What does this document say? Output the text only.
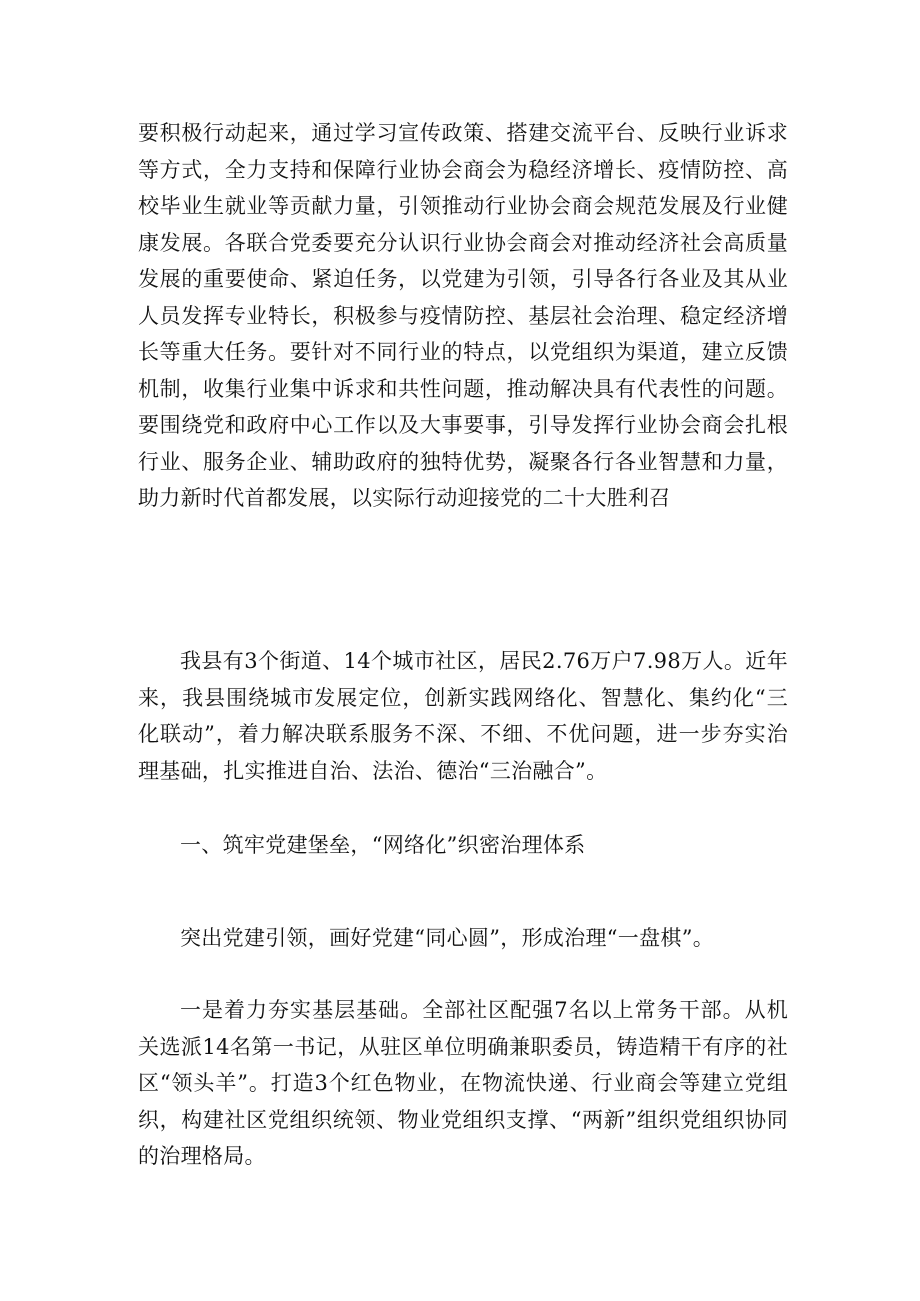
要积极行动起来，通过学习宣传政策、搭建交流平台、反映行业诉求等方式，全力支持和保障行业协会商会为稳经济增长、疫情防控、高校毕业生就业等贡献力量，引领推动行业协会商会规范发展及行业健康发展。各联合党委要充分认识行业协会商会对推动经济社会高质量发展的重要使命、紧迫任务，以党建为引领，引导各行各业及其从业人员发挥专业特长，积极参与疫情防控、基层社会治理、稳定经济增长等重大任务。要针对不同行业的特点，以党组织为渠道，建立反馈机制，收集行业集中诉求和共性问题，推动解决具有代表性的问题。要围绕党和政府中心工作以及大事要事，引导发挥行业协会商会扎根行业、服务企业、辅助政府的独特优势，凝聚各行各业智慧和力量，助力新时代首都发展，以实际行动迎接党的二十大胜利召

我县有3个街道、14个城市社区，居民2.76万户7.98万人。近年来，我县围绕城市发展定位，创新实践网络化、智慧化、集约化“三化联动”，着力解决联系服务不深、不细、不优问题，进一步夯实治理基础，扎实推进自治、法治、德治“三治融合”。

一、筑牢党建堡垒，“网络化”织密治理体系

突出党建引领，画好党建“同心圆”，形成治理“一盘棋”。

一是着力夯实基层基础。全部社区配强7名以上常务干部。从机关选派14名第一书记，从驻区单位明确兼职委员，铸造精干有序的社区“领头羊”。打造3个红色物业，在物流快递、行业商会等建立党组织，构建社区党组织统领、物业党组织支撑、“两新”组织党组织协同的治理格局。
